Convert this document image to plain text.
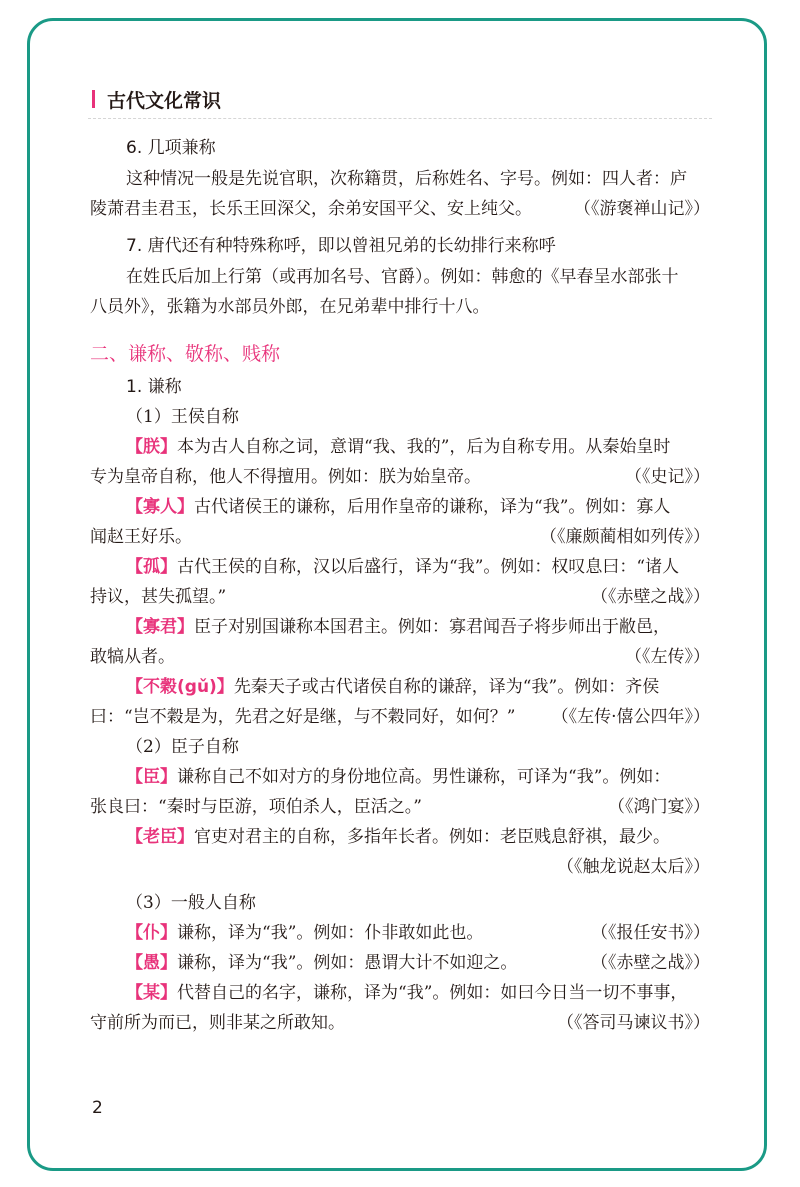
古代文化常识
6. 几项兼称
这种情况一般是先说官职，次称籍贯，后称姓名、字号。例如：四人者：庐
陵萧君圭君玉，长乐王回深父，余弟安国平父、安上纯父。 （《游褒禅山记》）
7. 唐代还有种特殊称呼，即以曾祖兄弟的长幼排行来称呼
在姓氏后加上行第（或再加名号、官爵）。例如：韩愈的《早春呈水部张十
八员外》，张籍为水部员外郎，在兄弟辈中排行十八。
二、谦称、敬称、贱称
1. 谦称
（1）王侯自称
【朕】本为古人自称之词，意谓“我、我的”，后为自称专用。从秦始皇时
专为皇帝自称，他人不得擅用。例如：朕为始皇帝。	（《史记》）
【寡人】古代诸侯王的谦称，后用作皇帝的谦称，译为“我”。例如：寡人
闻赵王好乐。	（《廉颇蔺相如列传》）
【孤】古代王侯的自称，汉以后盛行，译为“我”。例如：权叹息曰：“诸人
持议，甚失孤望。”	（《赤壁之战》）
【寡君】臣子对别国谦称本国君主。例如：寡君闻吾子将步师出于敝邑，
敢犒从者。	（《左传》）
【不穀(gǔ)】先秦天子或古代诸侯自称的谦辞，译为“我”。例如：齐侯
曰：“岂不穀是为，先君之好是继，与不穀同好，如何？” （《左传·僖公四年》）
（2）臣子自称
【臣】谦称自己不如对方的身份地位高。男性谦称，可译为“我”。例如：
张良曰：“秦时与臣游，项伯杀人，臣活之。”	（《鸿门宴》）
【老臣】官吏对君主的自称，多指年长者。例如：老臣贱息舒祺，最少。
（《触龙说赵太后》）
（3）一般人自称
【仆】谦称，译为“我”。例如：仆非敢如此也。	（《报任安书》）
【愚】谦称，译为“我”。例如：愚谓大计不如迎之。	（《赤壁之战》）
【某】代替自己的名字，谦称，译为“我”。例如：如曰今日当一切不事事，
守前所为而已，则非某之所敢知。	（《答司马谏议书》）
2
